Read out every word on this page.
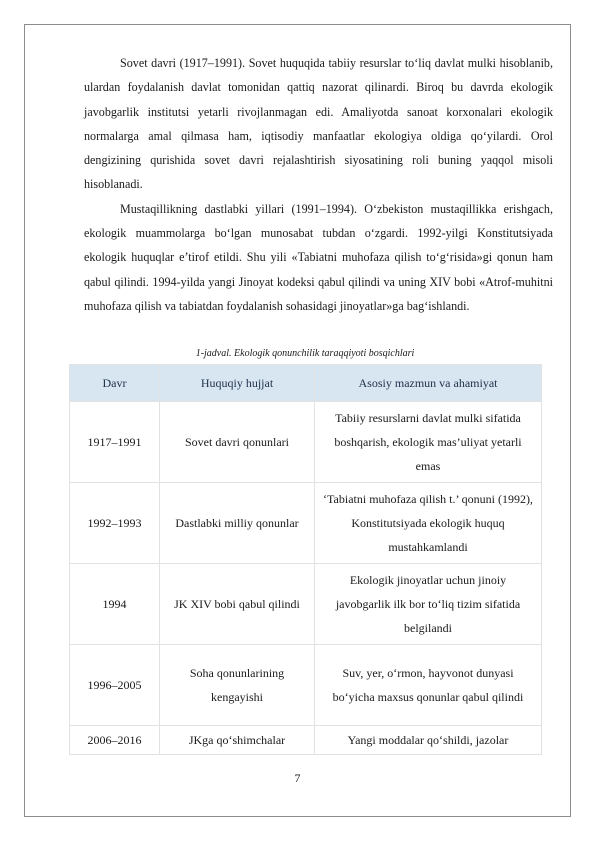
Sovet davri (1917–1991). Sovet huquqida tabiiy resurslar to‘liq davlat mulki hisoblanib, ulardan foydalanish davlat tomonidan qattiq nazorat qilinardi. Biroq bu davrda ekologik javobgarlik institutsi yetarli rivojlanmagan edi. Amaliyotda sanoat korxonalari ekologik normalarga amal qilmasa ham, iqtisodiy manfaatlar ekologiya oldiga qo‘yilardi. Orol dengizining qurishida sovet davri rejalashtirish siyosatining roli buning yaqqol misoli hisoblanadi.

Mustaqillikning dastlabki yillari (1991–1994). O‘zbekiston mustaqillikka erishgach, ekologik muammolarga bo‘lgan munosabat tubdan o‘zgardi. 1992-yilgi Konstitutsiyada ekologik huquqlar e’tirof etildi. Shu yili «Tabiatni muhofaza qilish to‘g‘risida»gi qonun ham qabul qilindi. 1994-yilda yangi Jinoyat kodeksi qabul qilindi va uning XIV bobi «Atrof-muhitni muhofaza qilish va tabiatdan foydalanish sohasidagi jinoyatlar»ga bag‘ishlandi.

1-jadval. Ekologik qonunchilik taraqqiyoti bosqichlari

Davr	Huquqiy hujjat	Asosiy mazmun va ahamiyat
1917–1991	Sovet davri qonunlari	Tabiiy resurslarni davlat mulki sifatida boshqarish, ekologik mas’uliyat yetarli emas
1992–1993	Dastlabki milliy qonunlar	‘Tabiatni muhofaza qilish t.’ qonuni (1992), Konstitutsiyada ekologik huquq mustahkamlandi
1994	JK XIV bobi qabul qilindi	Ekologik jinoyatlar uchun jinoiy javobgarlik ilk bor to‘liq tizim sifatida belgilandi
1996–2005	Soha qonunlarining kengayishi	Suv, yer, o‘rmon, hayvonot dunyasi bo‘yicha maxsus qonunlar qabul qilindi
2006–2016	JKga qo‘shimchalar	Yangi moddalar qo‘shildi, jazolar
7
